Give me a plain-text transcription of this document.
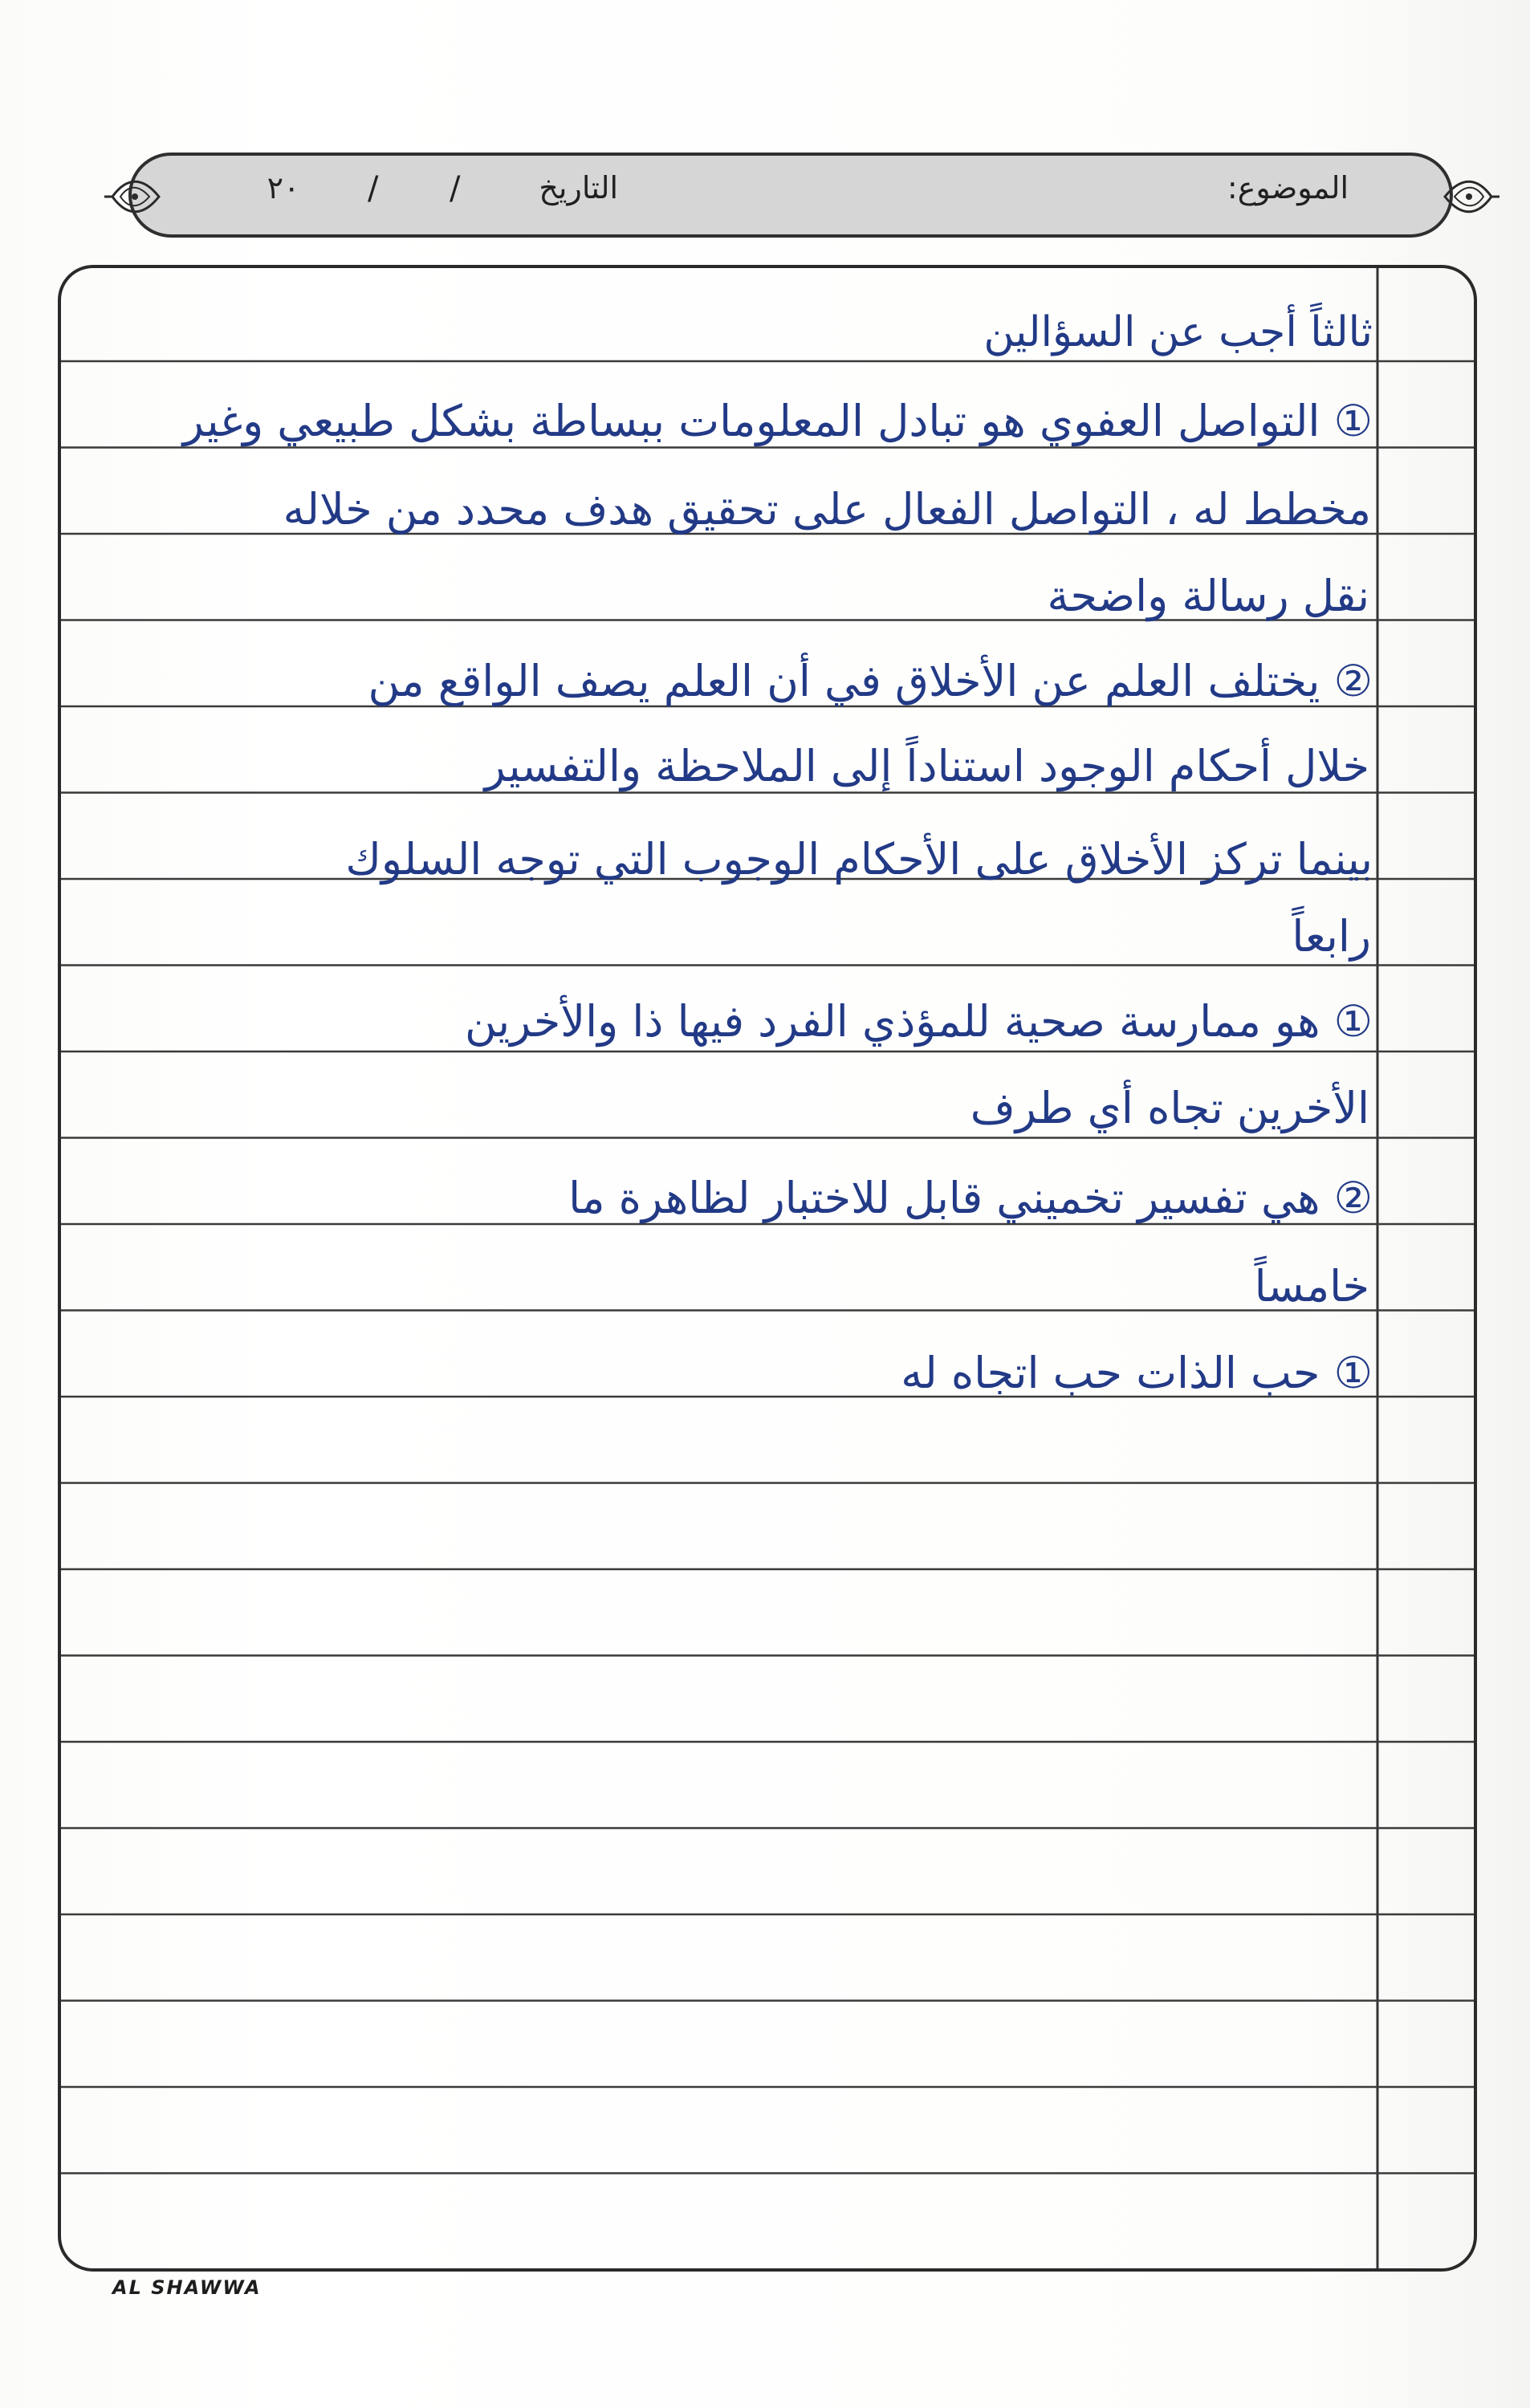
الموضوع:
التاريخ
/
/
٢٠
ثالثاً أجب عن السؤالين
① التواصل العفوي هو تبادل المعلومات ببساطة بشكل طبيعي وغير
مخطط له ، التواصل الفعال على تحقيق هدف محدد من خلاله
نقل رسالة واضحة
② يختلف العلم عن الأخلاق في أن العلم يصف الواقع من
خلال أحكام الوجود استناداً إلى الملاحظة والتفسير
بينما تركز الأخلاق على الأحكام الوجوب التي توجه السلوك
رابعاً
① هو ممارسة صحية للمؤذي الفرد فيها ذا والأخرين
الأخرين تجاه أي طرف
② هي تفسير تخميني قابل للاختبار لظاهرة ما
خامساً
① حب الذات حب اتجاه له
AL SHAWWA
